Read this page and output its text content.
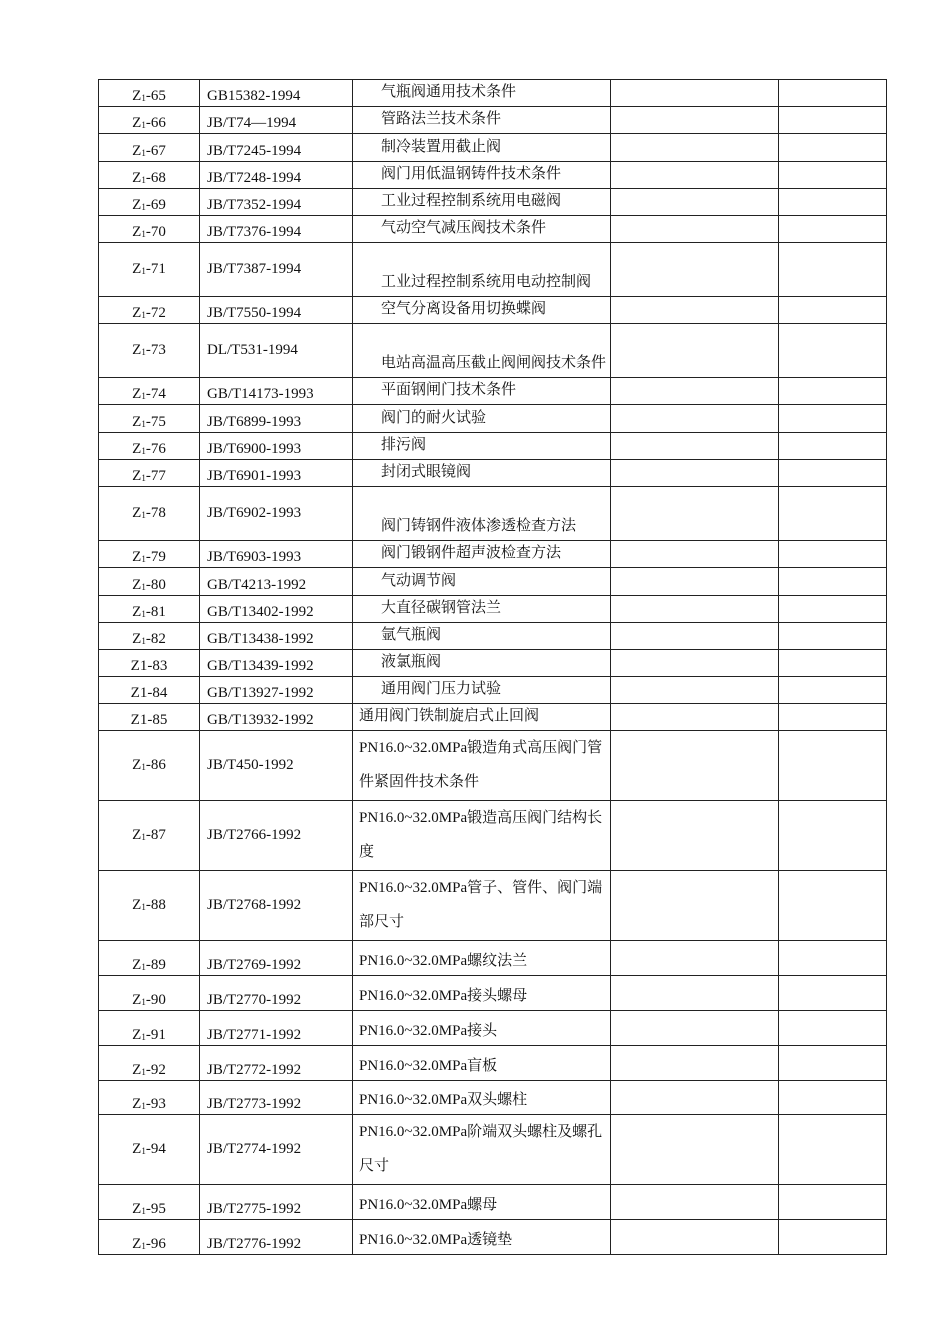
$Z_1-65$	GB15382-1994	气瓶阀通用技术条件		
$Z_1-66$	JB/T74—1994	管路法兰技术条件		
$Z_1-67$	JB/T7245-1994	制冷装置用截止阀		
$Z_1-68$	JB/T7248-1994	阀门用低温钢铸件技术条件		
$Z_1-69$	JB/T7352-1994	工业过程控制系统用电磁阀		
$Z_1-70$	JB/T7376-1994	气动空气减压阀技术条件		
$Z_1-71$	JB/T7387-1994	工业过程控制系统用电动控制阀		
$Z_1-72$	JB/T7550-1994	空气分离设备用切换蝶阀		
$Z_1-73$	DL/T531-1994	电站高温高压截止阀闸阀技术条件		
$Z_1-74$	GB/T14173-1993	平面钢闸门技术条件		
$Z_1-75$	JB/T6899-1993	阀门的耐火试验		
$Z_1-76$	JB/T6900-1993	排污阀		
$Z_1-77$	JB/T6901-1993	封闭式眼镜阀		
$Z_1-78$	JB/T6902-1993	阀门铸钢件液体渗透检查方法		
$Z_1-79$	JB/T6903-1993	阀门锻钢件超声波检查方法		
$Z_1-80$	GB/T4213-1992	气动调节阀		
$Z_1-81$	GB/T13402-1992	大直径碳钢管法兰		
$Z_1-82$	GB/T13438-1992	氩气瓶阀		
Z1-83	GB/T13439-1992	液氯瓶阀		
Z1-84	GB/T13927-1992	通用阀门压力试验		
Z1-85	GB/T13932-1992	通用阀门铁制旋启式止回阀		
$Z_1-86$	JB/T450-1992	PN16.0~32.0MPa锻造角式高压阀门管件紧固件技术条件		
$Z_1-87$	JB/T2766-1992	PN16.0~32.0MPa锻造高压阀门结构长度		
$Z_1-88$	JB/T2768-1992	PN16.0~32.0MPa管子、管件、阀门端部尺寸		
$Z_1-89$	JB/T2769-1992	PN16.0~32.0MPa螺纹法兰		
$Z_1-90$	JB/T2770-1992	PN16.0~32.0MPa接头螺母		
$Z_1-91$	JB/T2771-1992	PN16.0~32.0MPa接头		
$Z_1-92$	JB/T2772-1992	PN16.0~32.0MPa盲板		
$Z_1-93$	JB/T2773-1992	PN16.0~32.0MPa双头螺柱		
$Z_1-94$	JB/T2774-1992	PN16.0~32.0MPa阶端双头螺柱及螺孔尺寸		
$Z_1-95$	JB/T2775-1992	PN16.0~32.0MPa螺母		
$Z_1-96$	JB/T2776-1992	PN16.0~32.0MPa透镜垫		
